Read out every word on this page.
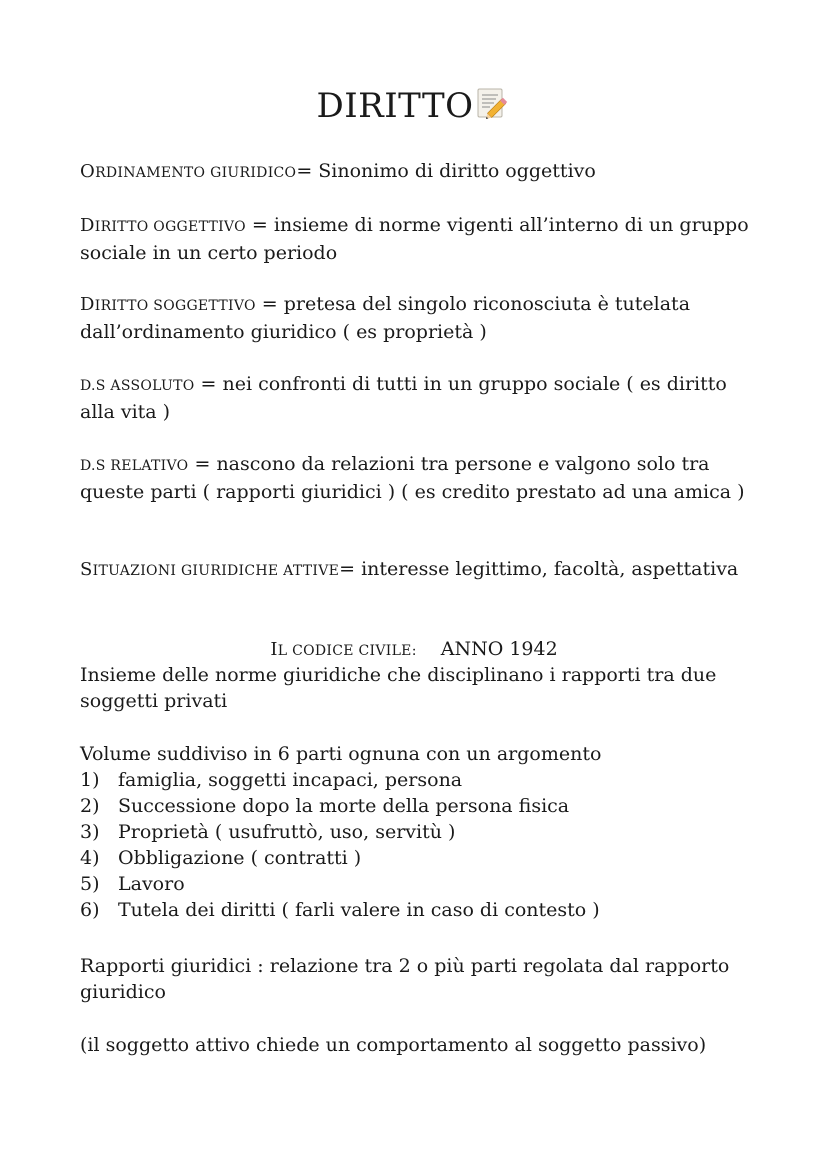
DIRITTO

ORDINAMENTO GIURIDICO= Sinonimo di diritto oggettivo

DIRITTO OGGETTIVO = insieme di norme vigenti all’interno di un gruppo sociale in un certo periodo

DIRITTO SOGGETTIVO = pretesa del singolo riconosciuta è tutelata dall’ordinamento giuridico ( es proprietà )

D.S ASSOLUTO = nei confronti di tutti in un gruppo sociale ( es diritto alla vita )

D.S RELATIVO = nascono da relazioni tra persone e valgono solo tra queste parti ( rapporti giuridici ) ( es credito prestato ad una amica )

SITUAZIONI GIURIDICHE ATTIVE= interesse legittimo, facoltà, aspettativa

IL CODICE CIVILE: ANNO 1942

Insieme delle norme giuridiche che disciplinano i rapporti tra due soggetti privati

Volume suddiviso in 6 parti ognuna con un argomento

1) famiglia, soggetti incapaci, persona
2) Successione dopo la morte della persona fisica
3) Proprietà ( usufruttò, uso, servitù )
4) Obbligazione ( contratti )
5) Lavoro
6) Tutela dei diritti ( farli valere in caso di contesto )

Rapporti giuridici : relazione tra 2 o più parti regolata dal rapporto giuridico

(il soggetto attivo chiede un comportamento al soggetto passivo)
